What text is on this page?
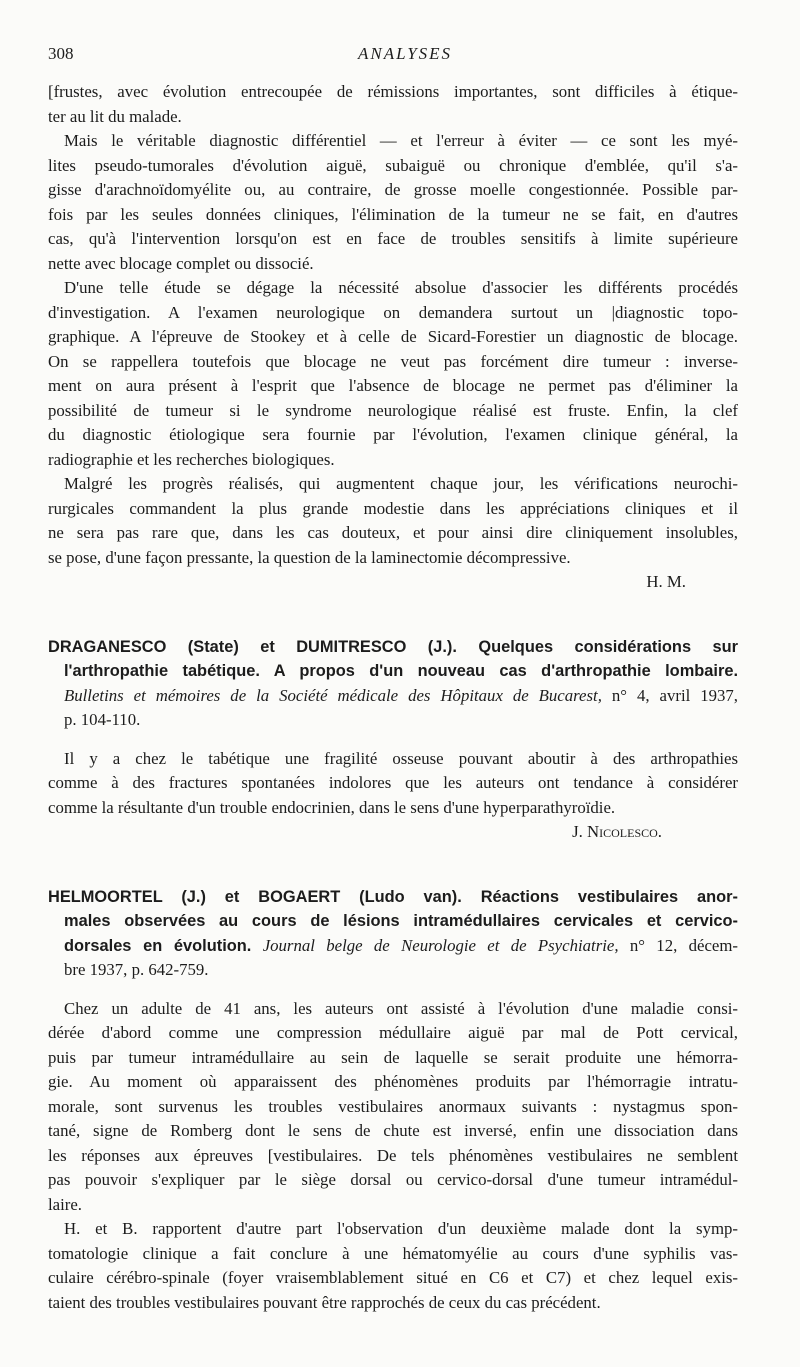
308	ANALYSES
[frustes, avec évolution entrecoupée de rémissions importantes, sont difficiles à étique-
ter au lit du malade.
Mais le véritable diagnostic différentiel — et l'erreur à éviter — ce sont les myé-
lites pseudo-tumorales d'évolution aiguë, subaiguë ou chronique d'emblée, qu'il s'a-
gisse d'arachnoïdomyélite ou, au contraire, de grosse moelle congestionnée. Possible par-
fois par les seules données cliniques, l'élimination de la tumeur ne se fait, en d'autres
cas, qu'à l'intervention lorsqu'on est en face de troubles sensitifs à limite supérieure
nette avec blocage complet ou dissocié.
D'une telle étude se dégage la nécessité absolue d'associer les différents procédés
d'investigation. A l'examen neurologique on demandera surtout un |diagnostic topo-
graphique. A l'épreuve de Stookey et à celle de Sicard-Forestier un diagnostic de blocage.
On se rappellera toutefois que blocage ne veut pas forcément dire tumeur : inverse-
ment on aura présent à l'esprit que l'absence de blocage ne permet pas d'éliminer la
possibilité de tumeur si le syndrome neurologique réalisé est fruste. Enfin, la clef
du diagnostic étiologique sera fournie par l'évolution, l'examen clinique général, la
radiographie et les recherches biologiques.
Malgré les progrès réalisés, qui augmentent chaque jour, les vérifications neurochi-
rurgicales commandent la plus grande modestie dans les appréciations cliniques et il
ne sera pas rare que, dans les cas douteux, et pour ainsi dire cliniquement insolubles,
se pose, d'une façon pressante, la question de la laminectomie décompressive.
H. M.
DRAGANESCO (State) et DUMITRESCO (J.). Quelques considérations sur
l'arthropathie tabétique. A propos d'un nouveau cas d'arthropathie lombaire.
Bulletins et mémoires de la Société médicale des Hôpitaux de Bucarest, n° 4, avril 1937,
p. 104-110.
Il y a chez le tabétique une fragilité osseuse pouvant aboutir à des arthropathies
comme à des fractures spontanées indolores que les auteurs ont tendance à considérer
comme la résultante d'un trouble endocrinien, dans le sens d'une hyperparathyroïdie.
J. Nicolesco.
HELMOORTEL (J.) et BOGAERT (Ludo van). Réactions vestibulaires anor-
males observées au cours de lésions intramédullaires cervicales et cervico-
dorsales en évolution. Journal belge de Neurologie et de Psychiatrie, n° 12, décem-
bre 1937, p. 642-759.
Chez un adulte de 41 ans, les auteurs ont assisté à l'évolution d'une maladie consi-
dérée d'abord comme une compression médullaire aiguë par mal de Pott cervical,
puis par tumeur intramédullaire au sein de laquelle se serait produite une hémorra-
gie. Au moment où apparaissent des phénomènes produits par l'hémorragie intratu-
morale, sont survenus les troubles vestibulaires anormaux suivants : nystagmus spon-
tané, signe de Romberg dont le sens de chute est inversé, enfin une dissociation dans
les réponses aux épreuves [vestibulaires. De tels phénomènes vestibulaires ne semblent
pas pouvoir s'expliquer par le siège dorsal ou cervico-dorsal d'une tumeur intramédul-
laire.
H. et B. rapportent d'autre part l'observation d'un deuxième malade dont la symp-
tomatologie clinique a fait conclure à une hématomyélie au cours d'une syphilis vas-
culaire cérébro-spinale (foyer vraisemblablement situé en C6 et C7) et chez lequel exis-
taient des troubles vestibulaires pouvant être rapprochés de ceux du cas précédent.
